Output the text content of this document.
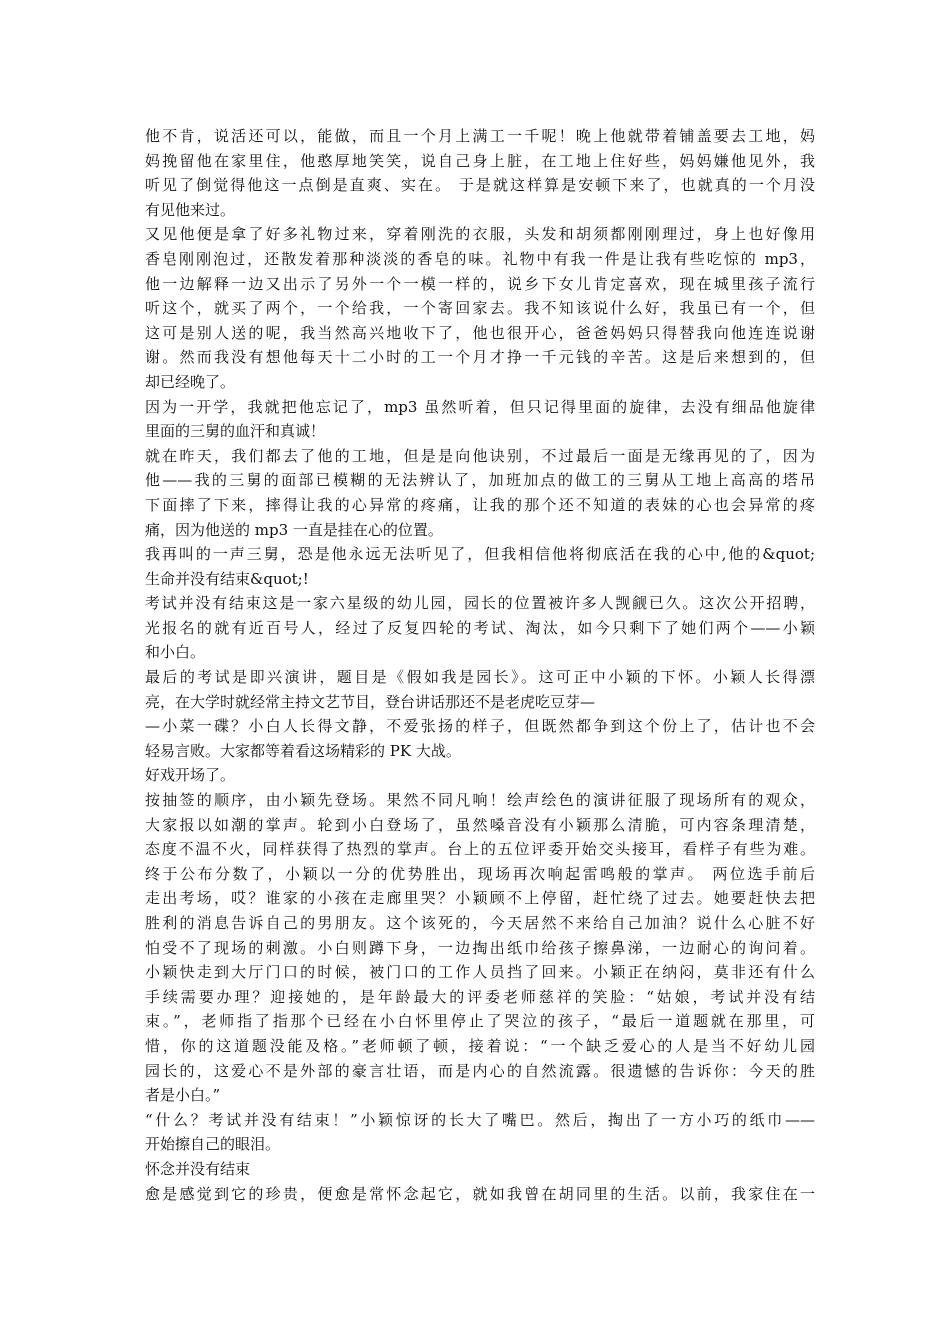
他不肯，说活还可以，能做，而且一个月上满工一千呢！晚上他就带着铺盖要去工地，妈
妈挽留他在家里住，他憨厚地笑笑，说自己身上脏，在工地上住好些，妈妈嫌他见外，我
听见了倒觉得他这一点倒是直爽、实在。 于是就这样算是安顿下来了，也就真的一个月没
有见他来过。
又见他便是拿了好多礼物过来，穿着刚洗的衣服，头发和胡须都刚刚理过，身上也好像用
香皂刚刚泡过，还散发着那种淡淡的香皂的味。礼物中有我一件是让我有些吃惊的 mp3，
他一边解释一边又出示了另外一个一模一样的，说乡下女儿肯定喜欢，现在城里孩子流行
听这个，就买了两个，一个给我，一个寄回家去。我不知该说什么好，我虽已有一个，但
这可是别人送的呢，我当然高兴地收下了，他也很开心，爸爸妈妈只得替我向他连连说谢
谢。然而我没有想他每天十二小时的工一个月才挣一千元钱的辛苦。这是后来想到的，但
却已经晚了。
因为一开学，我就把他忘记了，mp3 虽然听着，但只记得里面的旋律，去没有细品他旋律
里面的三舅的血汗和真诚！
就在昨天，我们都去了他的工地，但是是向他诀别，不过最后一面是无缘再见的了，因为
他——我的三舅的面部已模糊的无法辨认了，加班加点的做工的三舅从工地上高高的塔吊
下面摔了下来，摔得让我的心异常的疼痛，让我的那个还不知道的表妹的心也会异常的疼
痛，因为他送的 mp3 一直是挂在心的位置。
我再叫的一声三舅，恐是他永远无法听见了，但我相信他将彻底活在我的心中,他的&quot;
生命并没有结束&quot;!
考试并没有结束这是一家六星级的幼儿园，园长的位置被许多人觊觎已久。这次公开招聘，
光报名的就有近百号人，经过了反复四轮的考试、淘汰，如今只剩下了她们两个——小颖
和小白。
最后的考试是即兴演讲，题目是《假如我是园长》。这可正中小颖的下怀。小颖人长得漂
亮，在大学时就经常主持文艺节目，登台讲话那还不是老虎吃豆芽—
—小菜一碟？小白人长得文静，不爱张扬的样子，但既然都争到这个份上了，估计也不会
轻易言败。大家都等着看这场精彩的 PK 大战。
好戏开场了。
按抽签的顺序，由小颖先登场。果然不同凡响！绘声绘色的演讲征服了现场所有的观众，
大家报以如潮的掌声。轮到小白登场了，虽然嗓音没有小颖那么清脆，可内容条理清楚，
态度不温不火，同样获得了热烈的掌声。台上的五位评委开始交头接耳，看样子有些为难。
终于公布分数了，小颖以一分的优势胜出，现场再次响起雷鸣般的掌声。 两位选手前后
走出考场，哎？谁家的小孩在走廊里哭？小颖顾不上停留，赶忙绕了过去。她要赶快去把
胜利的消息告诉自己的男朋友。这个该死的，今天居然不来给自己加油？说什么心脏不好
怕受不了现场的刺激。小白则蹲下身，一边掏出纸巾给孩子擦鼻涕，一边耐心的询问着。
小颖快走到大厅门口的时候，被门口的工作人员挡了回来。小颖正在纳闷，莫非还有什么
手续需要办理？迎接她的，是年龄最大的评委老师慈祥的笑脸：“姑娘，考试并没有结
束。”，老师指了指那个已经在小白怀里停止了哭泣的孩子，“最后一道题就在那里，可
惜，你的这道题没能及格。”老师顿了顿，接着说：“一个缺乏爱心的人是当不好幼儿园
园长的，这爱心不是外部的豪言壮语，而是内心的自然流露。很遗憾的告诉你：今天的胜
者是小白。”
“什么？考试并没有结束！”小颖惊讶的长大了嘴巴。然后，掏出了一方小巧的纸巾——
开始擦自己的眼泪。
怀念并没有结束
愈是感觉到它的珍贵，便愈是常怀念起它，就如我曾在胡同里的生活。以前，我家住在一
